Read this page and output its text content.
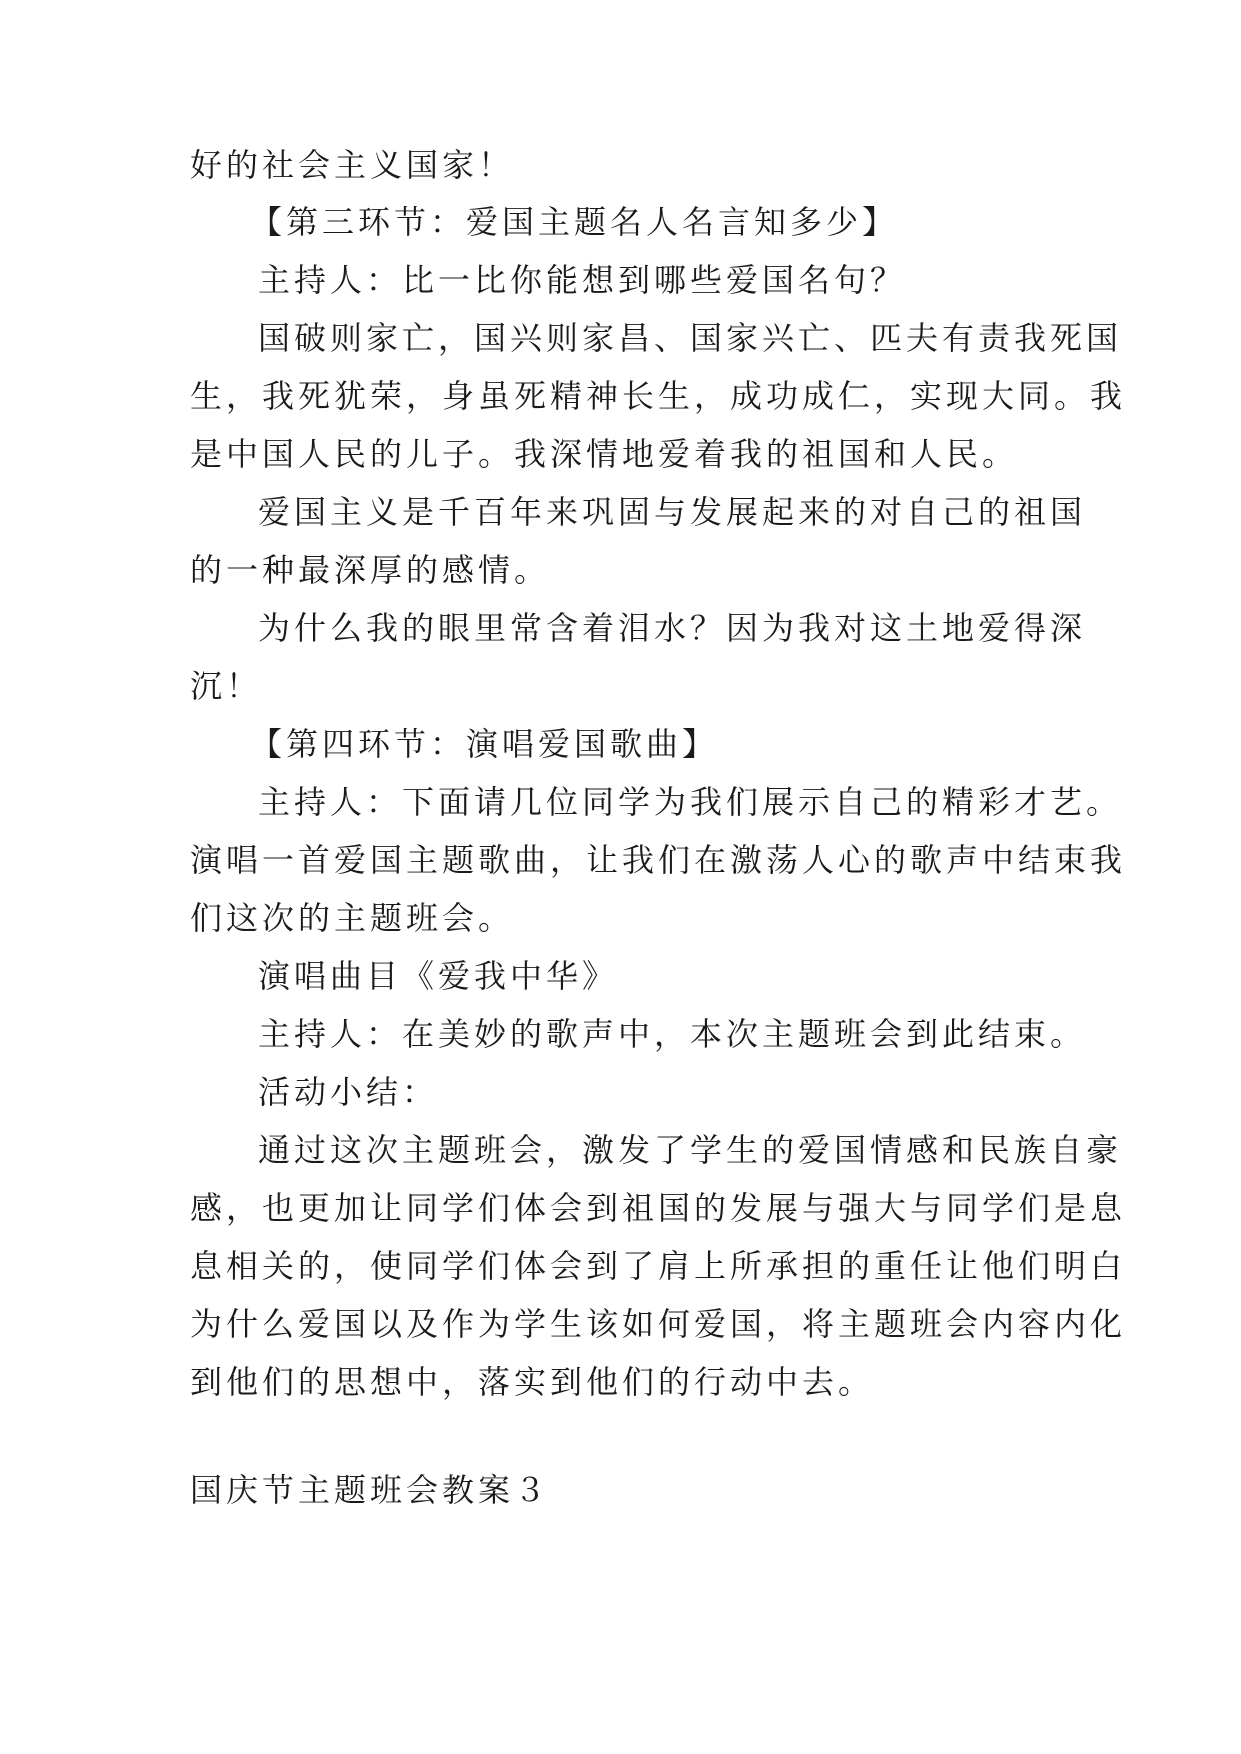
好的社会主义国家！
【第三环节：爱国主题名人名言知多少】
主持人：比一比你能想到哪些爱国名句？
国破则家亡，国兴则家昌、国家兴亡、匹夫有责我死国
生，我死犹荣，身虽死精神长生，成功成仁，实现大同。我
是中国人民的儿子。我深情地爱着我的祖国和人民。
爱国主义是千百年来巩固与发展起来的对自己的祖国
的一种最深厚的感情。
为什么我的眼里常含着泪水？因为我对这土地爱得深
沉！
【第四环节：演唱爱国歌曲】
主持人：下面请几位同学为我们展示自己的精彩才艺。
演唱一首爱国主题歌曲，让我们在激荡人心的歌声中结束我
们这次的主题班会。
演唱曲目《爱我中华》
主持人：在美妙的歌声中，本次主题班会到此结束。
活动小结：
通过这次主题班会，激发了学生的爱国情感和民族自豪
感，也更加让同学们体会到祖国的发展与强大与同学们是息
息相关的，使同学们体会到了肩上所承担的重任让他们明白
为什么爱国以及作为学生该如何爱国，将主题班会内容内化
到他们的思想中，落实到他们的行动中去。
国庆节主题班会教案３
